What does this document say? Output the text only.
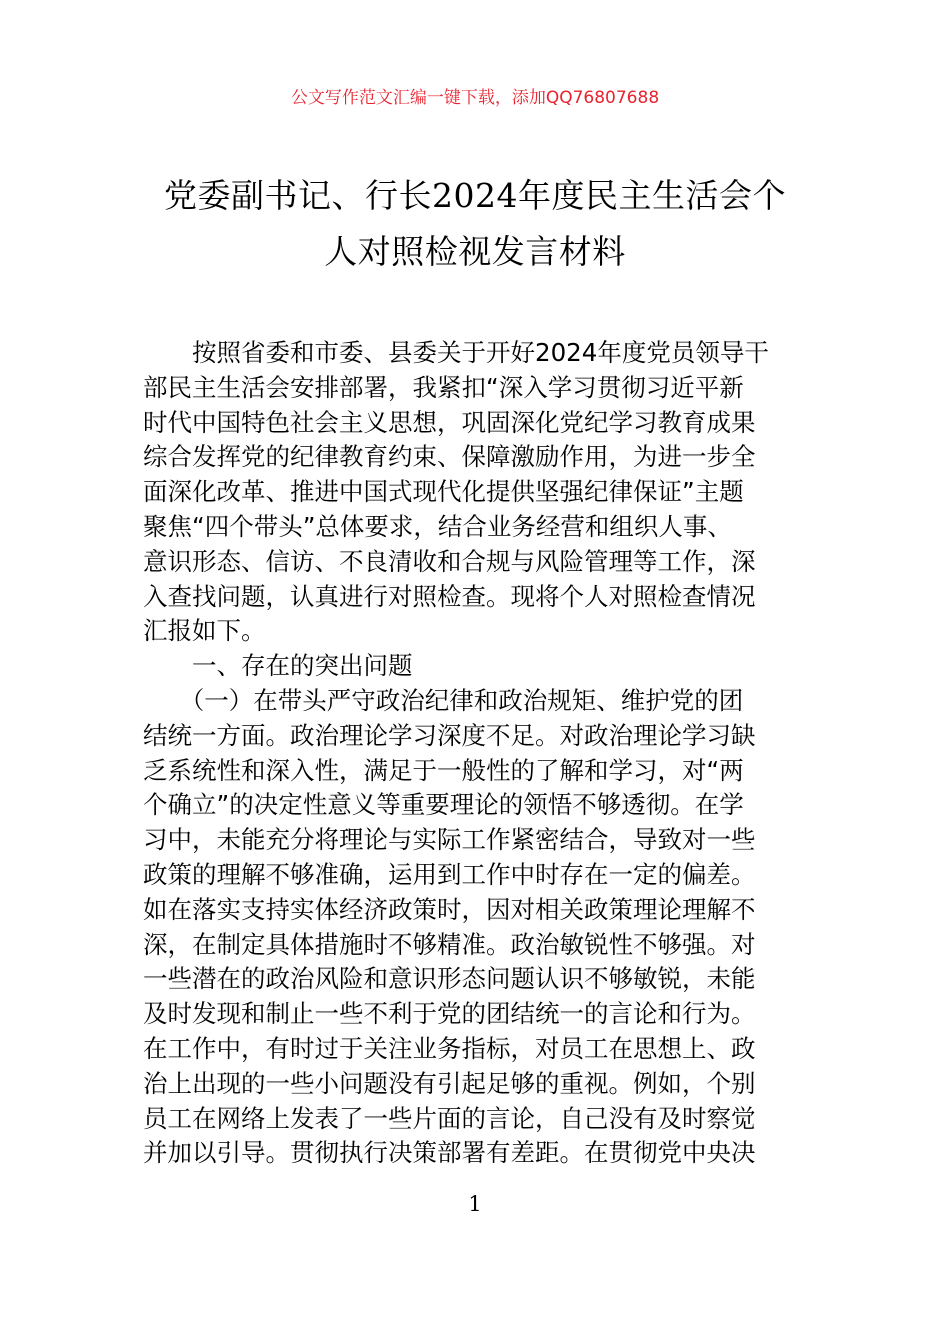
公文写作范文汇编一键下载，添加QQ76807688
党委副书记、行长2024年度民主生活会个
人对照检视发言材料
　　按照省委和市委、县委关于开好2024年度党员领导干
部民主生活会安排部署，我紧扣“深入学习贯彻习近平新
时代中国特色社会主义思想，巩固深化党纪学习教育成果
综合发挥党的纪律教育约束、保障激励作用，为进一步全
面深化改革、推进中国式现代化提供坚强纪律保证”主题
聚焦“四个带头”总体要求，结合业务经营和组织人事、
意识形态、信访、不良清收和合规与风险管理等工作，深
入查找问题，认真进行对照检查。现将个人对照检查情况
汇报如下。
　　一、存在的突出问题
　　（一）在带头严守政治纪律和政治规矩、维护党的团
结统一方面。政治理论学习深度不足。对政治理论学习缺
乏系统性和深入性，满足于一般性的了解和学习，对“两
个确立”的决定性意义等重要理论的领悟不够透彻。在学
习中，未能充分将理论与实际工作紧密结合，导致对一些
政策的理解不够准确，运用到工作中时存在一定的偏差。
如在落实支持实体经济政策时，因对相关政策理论理解不
深，在制定具体措施时不够精准。政治敏锐性不够强。对
一些潜在的政治风险和意识形态问题认识不够敏锐，未能
及时发现和制止一些不利于党的团结统一的言论和行为。
在工作中，有时过于关注业务指标，对员工在思想上、政
治上出现的一些小问题没有引起足够的重视。例如，个别
员工在网络上发表了一些片面的言论，自己没有及时察觉
并加以引导。贯彻执行决策部署有差距。在贯彻党中央决
1
